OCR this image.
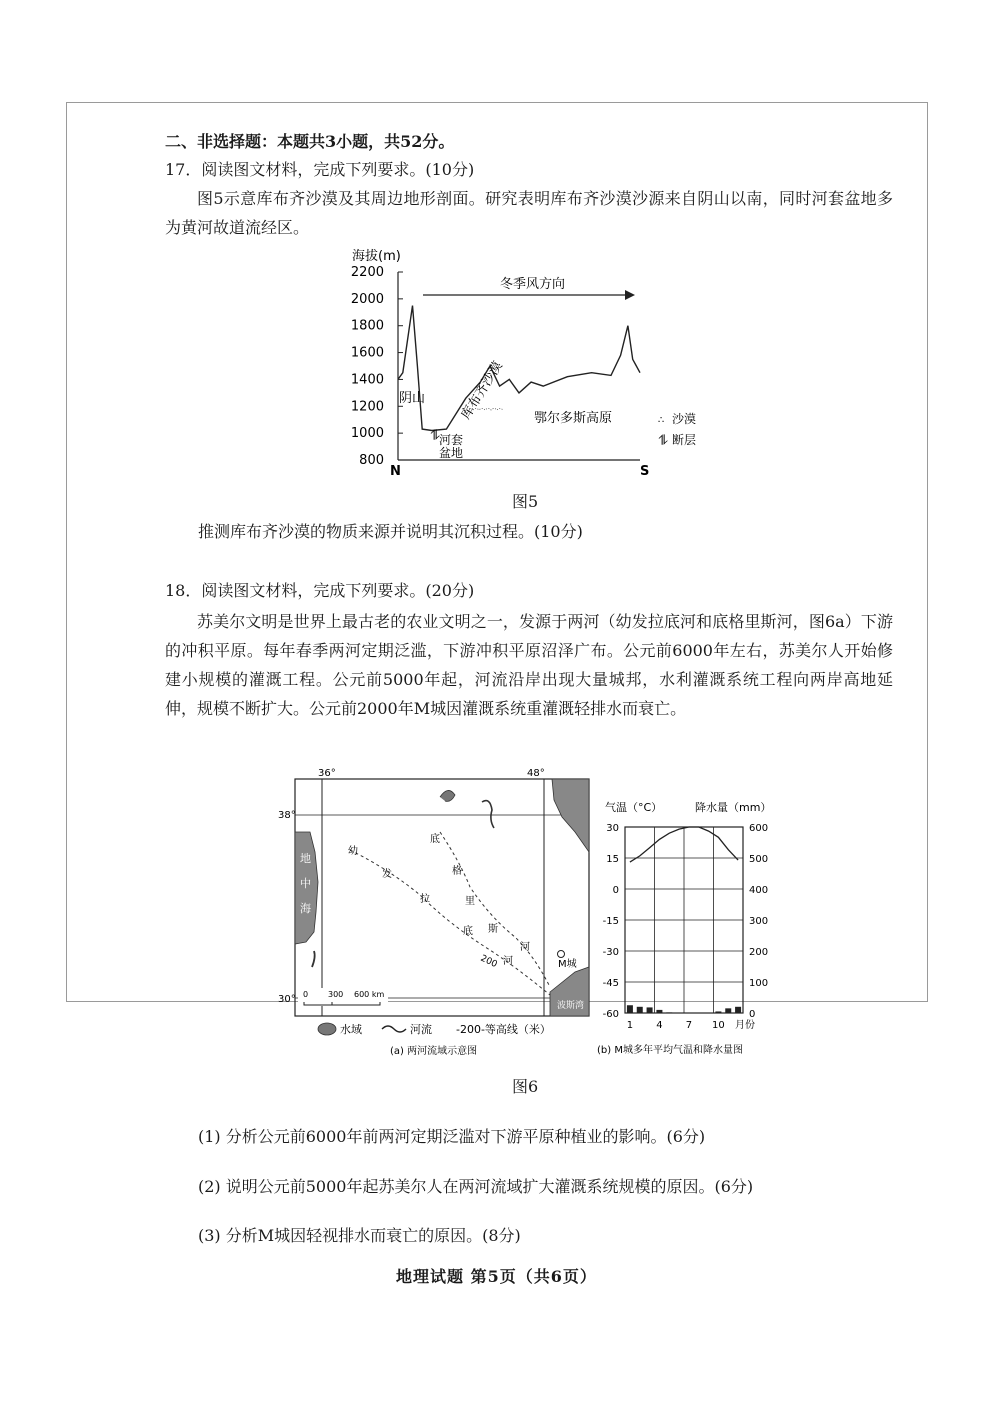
二、非选择题：本题共3小题，共52分。
17．阅读图文材料，完成下列要求。(10分)
图5示意库布齐沙漠及其周边地形剖面。研究表明库布齐沙漠沙源来自阴山以南，同时河套盆地多为黄河故道流经区。
海拔(m)
2200
2000
1800
1600
1400
1200
1000
800
冬季风方向
阴山	库布齐沙漠
河套
盆地
⥮
鄂尔多斯高原	∴ 沙漠
⥮ 断层
N	S
图5
推测库布齐沙漠的物质来源并说明其沉积过程。(10分)
18．阅读图文材料，完成下列要求。(20分)
苏美尔文明是世界上最古老的农业文明之一，发源于两河（幼发拉底河和底格里斯河，图6a）下游的冲积平原。每年春季两河定期泛滥，下游冲积平原沼泽广布。公元前6000年左右，苏美尔人开始修建小规模的灌溉工程。公元前5000年起，河流沿岸出现大量城邦，水利灌溉系统工程向两岸高地延伸，规模不断扩大。公元前2000年M城因灌溉系统重灌溉轻排水而衰亡。
36°	48°
38°
30°
地
中
海
幼
发
拉
底
河
底
格
里
斯
河
200	M城
波斯湾
0 300 600 km
水域	河流 -200-等高线（米）
(a) 两河流域示意图
气温（°C）	降水量（mm）
30
15
0
-15
-30
-45
-60
600
500
400
300
200
100
0
1 4 7 10 月份
(b) M城多年平均气温和降水量图
图6
(1) 分析公元前6000年前两河定期泛滥对下游平原种植业的影响。(6分)
(2) 说明公元前5000年起苏美尔人在两河流域扩大灌溉系统规模的原因。(6分)
(3) 分析M城因轻视排水而衰亡的原因。(8分)
地理试题 第5页（共6页）
